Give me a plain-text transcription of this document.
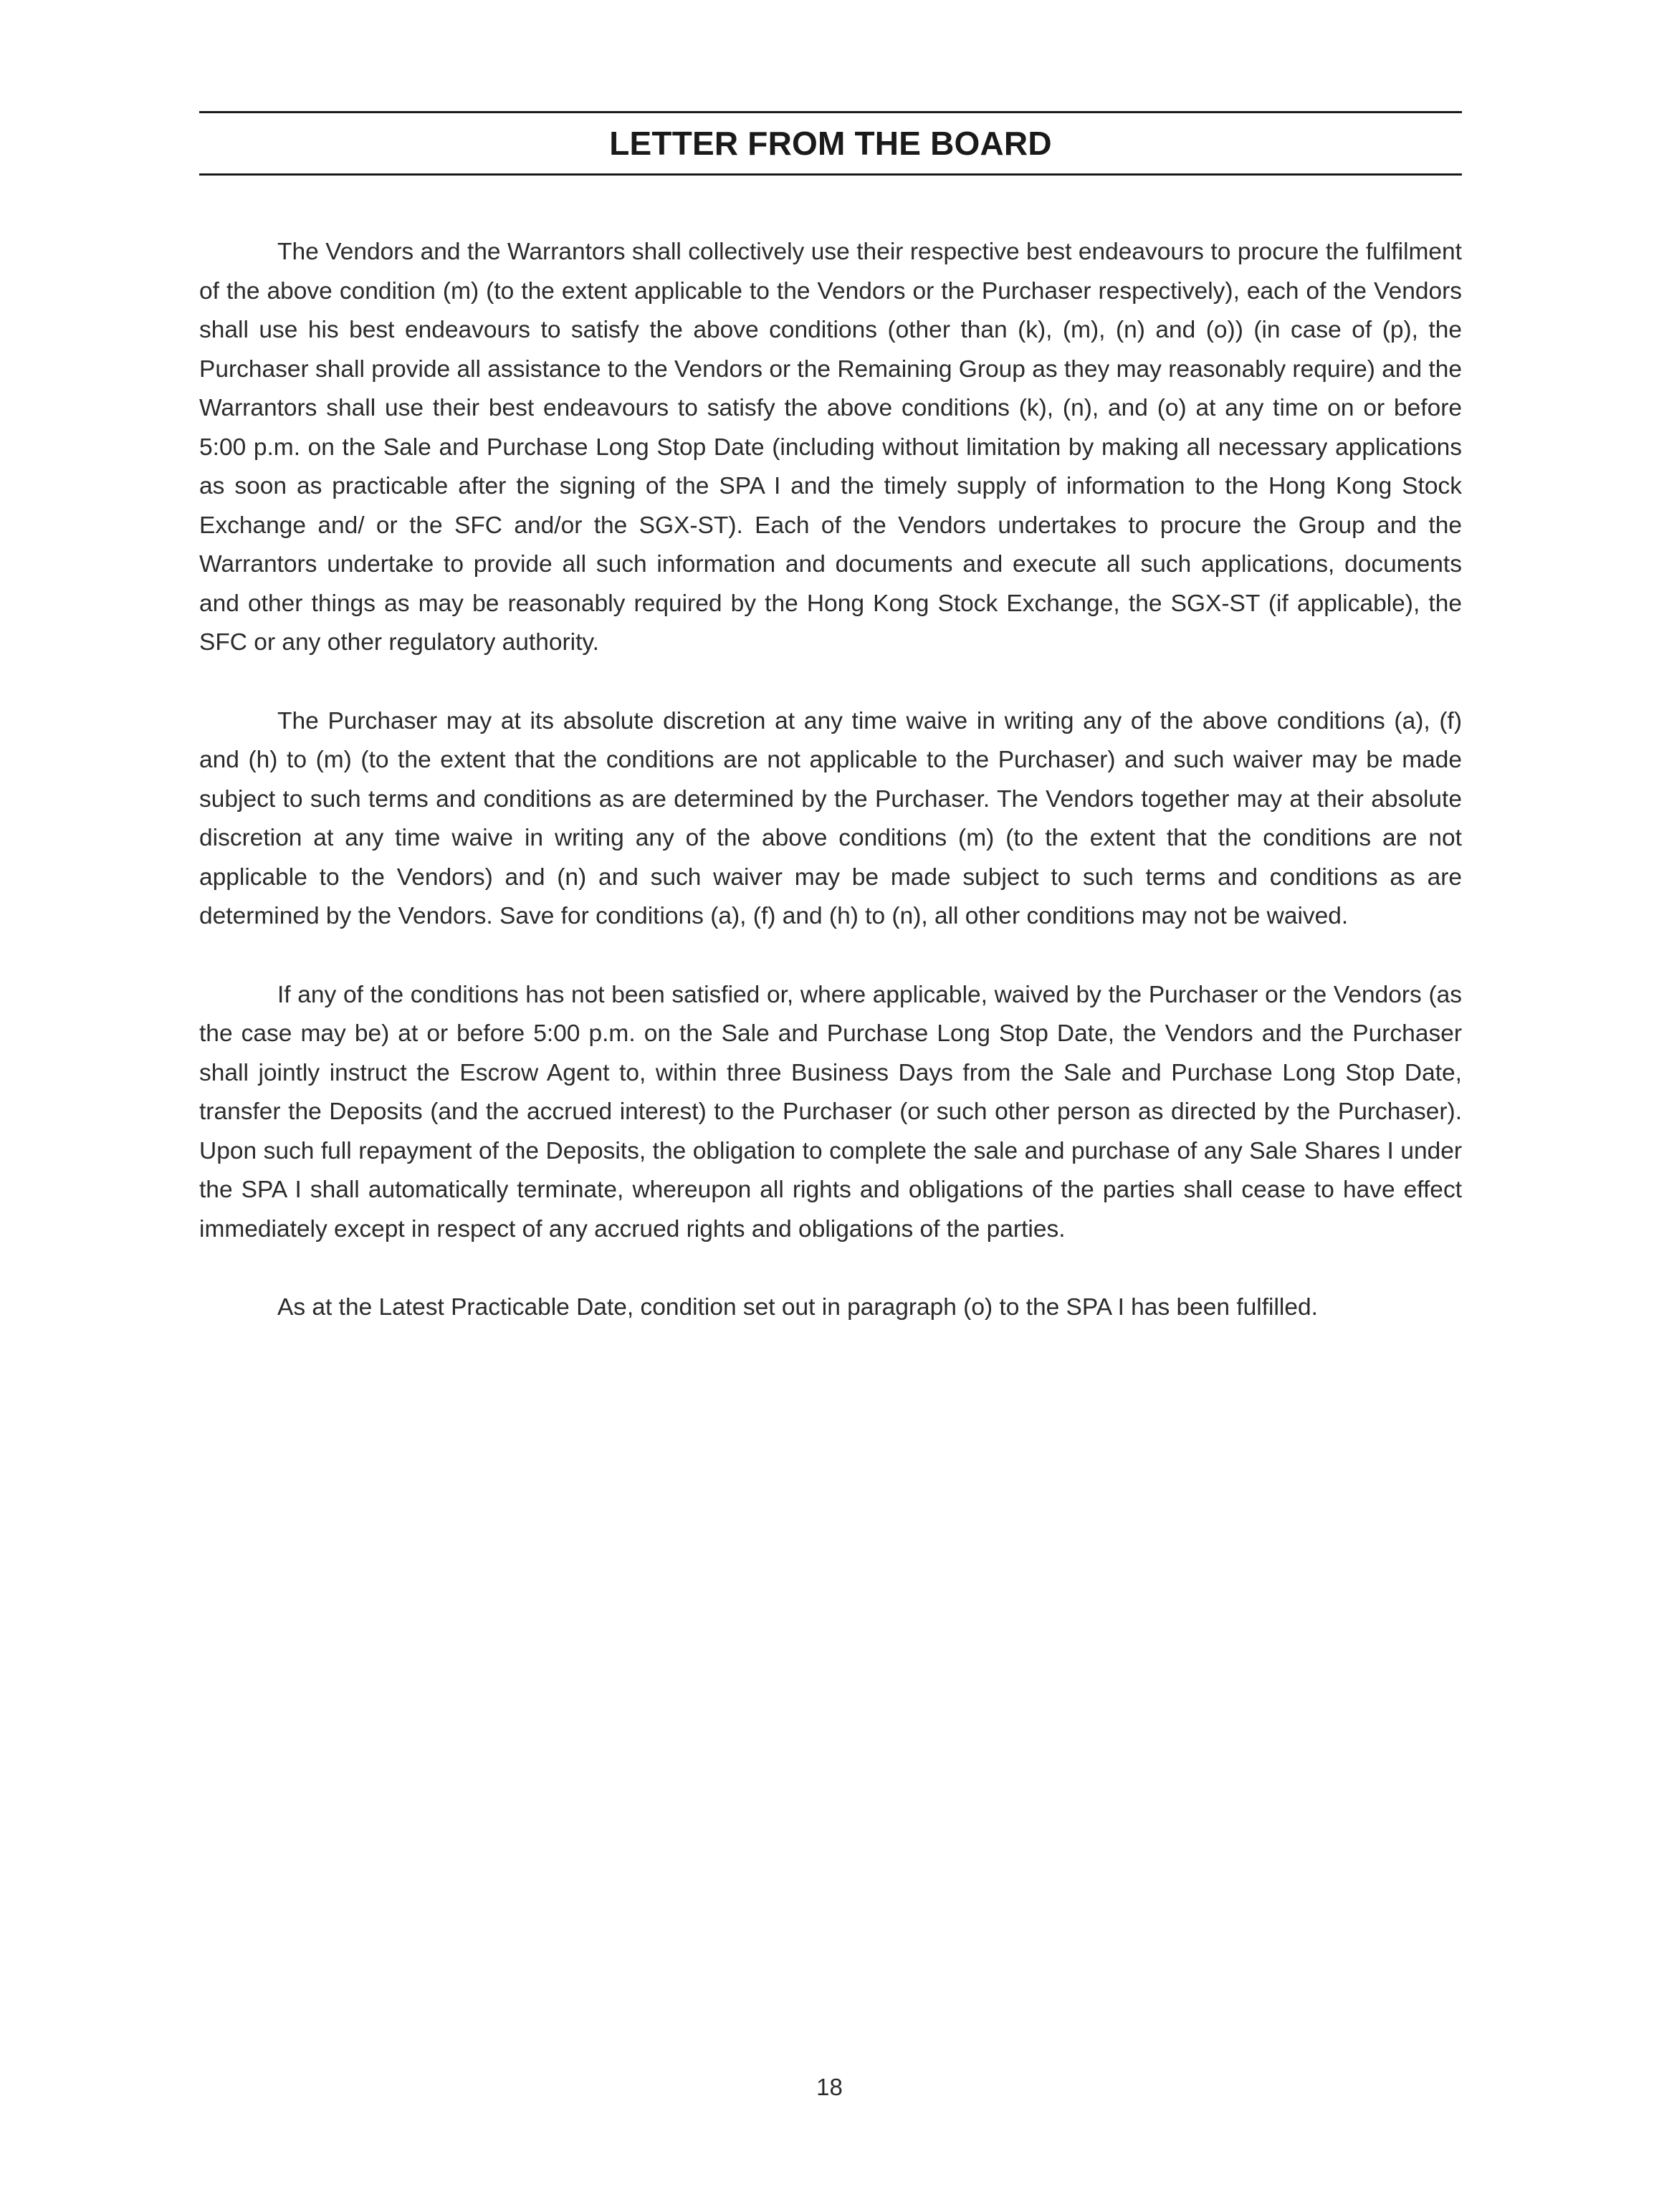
LETTER FROM THE BOARD

The Vendors and the Warrantors shall collectively use their respective best endeavours to procure the fulfilment of the above condition (m) (to the extent applicable to the Vendors or the Purchaser respectively), each of the Vendors shall use his best endeavours to satisfy the above conditions (other than (k), (m), (n) and (o)) (in case of (p), the Purchaser shall provide all assistance to the Vendors or the Remaining Group as they may reasonably require) and the Warrantors shall use their best endeavours to satisfy the above conditions (k), (n), and (o) at any time on or before 5:00 p.m. on the Sale and Purchase Long Stop Date (including without limitation by making all necessary applications as soon as practicable after the signing of the SPA I and the timely supply of information to the Hong Kong Stock Exchange and/ or the SFC and/or the SGX-ST). Each of the Vendors undertakes to procure the Group and the Warrantors undertake to provide all such information and documents and execute all such applications, documents and other things as may be reasonably required by the Hong Kong Stock Exchange, the SGX-ST (if applicable), the SFC or any other regulatory authority.

The Purchaser may at its absolute discretion at any time waive in writing any of the above conditions (a), (f) and (h) to (m) (to the extent that the conditions are not applicable to the Purchaser) and such waiver may be made subject to such terms and conditions as are determined by the Purchaser. The Vendors together may at their absolute discretion at any time waive in writing any of the above conditions (m) (to the extent that the conditions are not applicable to the Vendors) and (n) and such waiver may be made subject to such terms and conditions as are determined by the Vendors. Save for conditions (a), (f) and (h) to (n), all other conditions may not be waived.

If any of the conditions has not been satisfied or, where applicable, waived by the Purchaser or the Vendors (as the case may be) at or before 5:00 p.m. on the Sale and Purchase Long Stop Date, the Vendors and the Purchaser shall jointly instruct the Escrow Agent to, within three Business Days from the Sale and Purchase Long Stop Date, transfer the Deposits (and the accrued interest) to the Purchaser (or such other person as directed by the Purchaser). Upon such full repayment of the Deposits, the obligation to complete the sale and purchase of any Sale Shares I under the SPA I shall automatically terminate, whereupon all rights and obligations of the parties shall cease to have effect immediately except in respect of any accrued rights and obligations of the parties.

As at the Latest Practicable Date, condition set out in paragraph (o) to the SPA I has been fulfilled.

18
